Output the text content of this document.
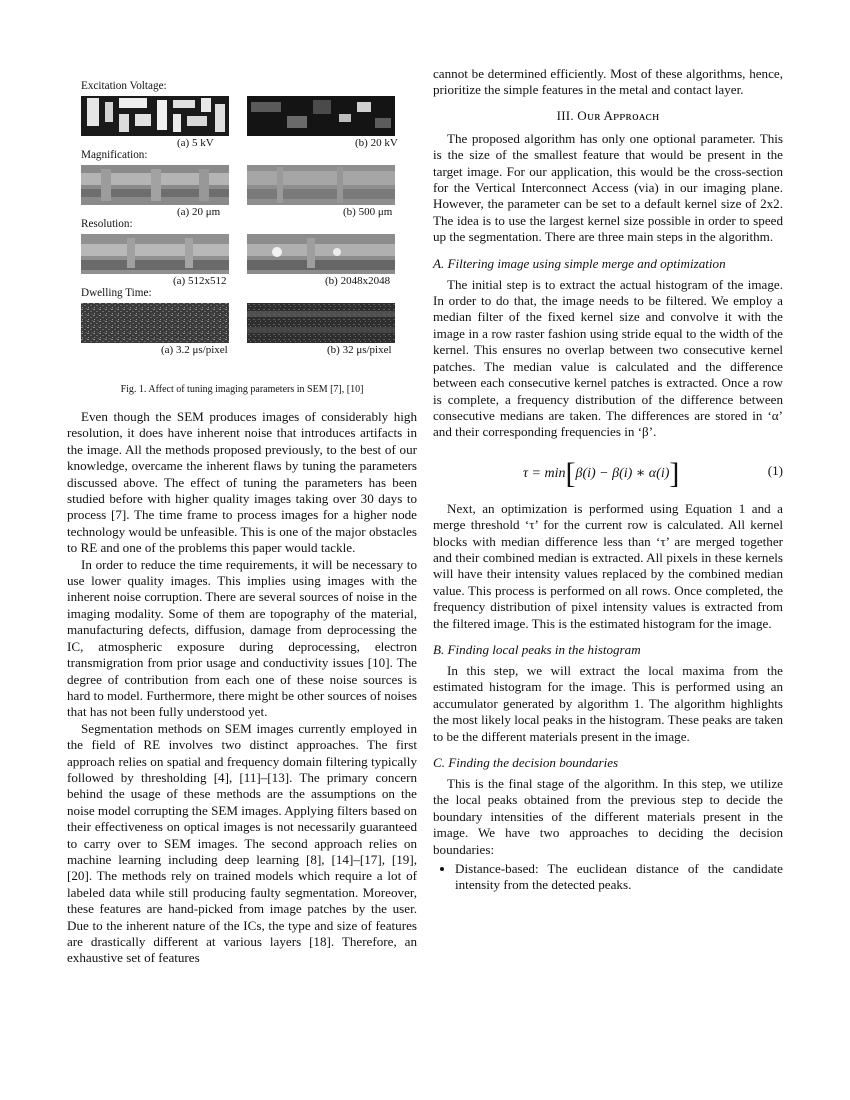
Excitation Voltage:
(a) 5 kV	(b) 20 kV
Magnification:
(a) 20 μm	(b) 500 μm
Resolution:
(a) 512x512	(b) 2048x2048
Dwelling Time:
(a) 3.2 μs/pixel	(b) 32 μs/pixel
Fig. 1. Affect of tuning imaging parameters in SEM [7], [10]

Even though the SEM produces images of considerably high resolution, it does have inherent noise that introduces artifacts in the image. All the methods proposed previously, to the best of our knowledge, overcame the inherent flaws by tuning the parameters discussed above. The effect of tuning the parameters has been studied before with higher quality images taking over 30 days to process [7]. The time frame to process images for a higher node technology would be unfeasible. This is one of the major obstacles to RE and one of the problems this paper would tackle.

In order to reduce the time requirements, it will be necessary to use lower quality images. This implies using images with the inherent noise corruption. There are several sources of noise in the imaging modality. Some of them are topography of the material, manufacturing defects, diffusion, damage from deprocessing the IC, atmospheric exposure during deprocessing, electron transmigration from prior usage and conductivity issues [10]. The degree of contribution from each one of these noise sources is hard to model. Furthermore, there might be other sources of noises that has not been fully understood yet.

Segmentation methods on SEM images currently employed in the field of RE involves two distinct approaches. The first approach relies on spatial and frequency domain filtering typically followed by thresholding [4], [11]–[13]. The primary concern behind the usage of these methods are the assumptions on the noise model corrupting the SEM images. Applying filters based on their effectiveness on optical images is not necessarily guaranteed to carry over to SEM images. The second approach relies on machine learning including deep learning [8], [14]–[17], [19], [20]. The methods rely on trained models which require a lot of labeled data while still producing faulty segmentation. Moreover, these features are hand-picked from image patches by the user. Due to the inherent nature of the ICs, the type and size of features are drastically different at various layers [18]. Therefore, an exhaustive set of features

cannot be determined efficiently. Most of these algorithms, hence, prioritize the simple features in the metal and contact layer.

III. Oᴜʀ Aᴘᴘʀᴏᴀᴄʜ

The proposed algorithm has only one optional parameter. This is the size of the smallest feature that would be present in the target image. For our application, this would be the cross-section for the Vertical Interconnect Access (via) in our imaging plane. However, the parameter can be set to a default kernel size of 2x2. The idea is to use the largest kernel size possible in order to speed up the segmentation. There are three main steps in the algorithm.

A. Filtering image using simple merge and optimization

The initial step is to extract the actual histogram of the image. In order to do that, the image needs to be filtered. We employ a median filter of the fixed kernel size and convolve it with the image in a row raster fashion using stride equal to the width of the kernel. This ensures no overlap between two consecutive kernel patches. The median value is calculated and the difference between each consecutive kernel patches is extracted. Once a row is complete, a frequency distribution of the difference between consecutive medians are taken. The differences are stored in ‘α’ and their corresponding frequencies in ‘β’.

τ = min[β(i) − β(i) ∗ α(i)]	(1)

Next, an optimization is performed using Equation 1 and a merge threshold ‘τ’ for the current row is calculated. All kernel blocks with median difference less than ‘τ’ are merged together and their combined median is extracted. All pixels in these kernels will have their intensity values replaced by the combined median value. This process is performed on all rows. Once completed, the frequency distribution of pixel intensity values is extracted from the filtered image. This is the estimated histogram for the image.

B. Finding local peaks in the histogram

In this step, we will extract the local maxima from the estimated histogram for the image. This is performed using an accumulator generated by algorithm 1. The algorithm highlights the most likely local peaks in the histogram. These peaks are taken to be the different materials present in the image.

C. Finding the decision boundaries

This is the final stage of the algorithm. In this step, we utilize the local peaks obtained from the previous step to decide the boundary intensities of the different materials present in the image. We have two approaches to deciding the decision boundaries:

• Distance-based: The euclidean distance of the candidate intensity from the detected peaks.
